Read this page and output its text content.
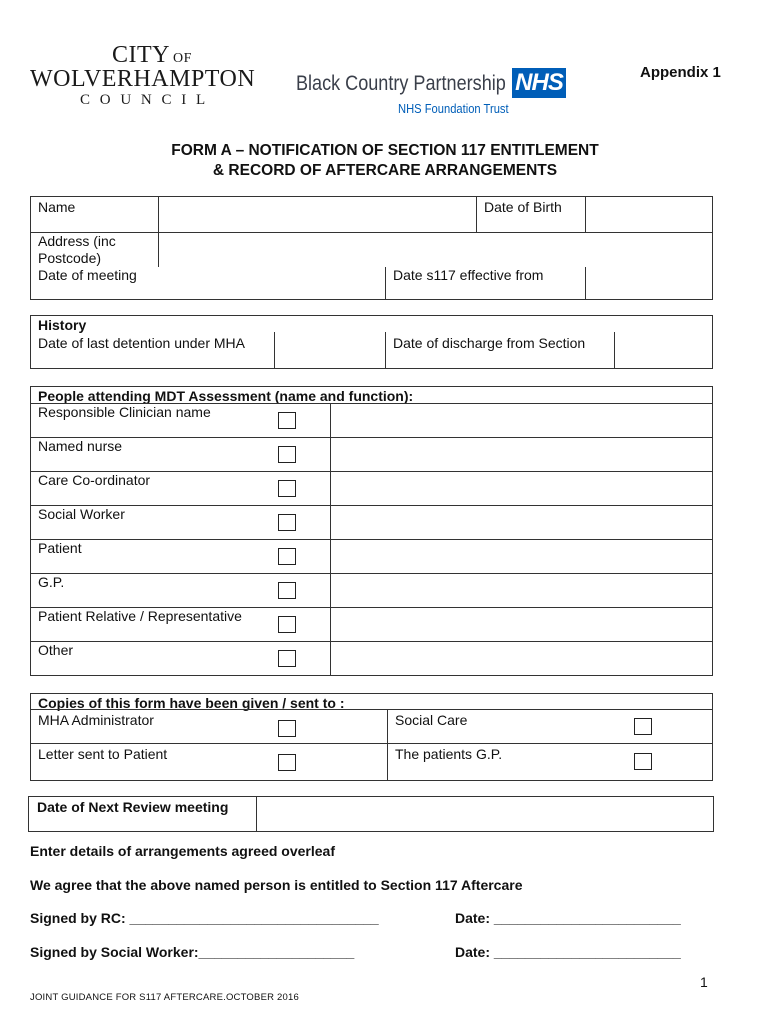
CITY $^{OF}$
WOLVERHAMPTON
C O U N C I L
Black Country Partnership NHS
NHS Foundation Trust
Appendix 1
FORM A – NOTIFICATION OF SECTION 117 ENTITLEMENT
& RECORD OF AFTERCARE ARRANGEMENTS
Name	Date of Birth
Address (inc
Postcode)
Date of meeting	Date s117 effective from
History
Date of last detention under MHA	Date of discharge from Section
People attending MDT Assessment (name and function):
Responsible Clinician name
Named nurse
Care Co-ordinator
Social Worker
Patient
G.P.
Patient Relative / Representative
Other
Copies of this form have been given / sent to :
MHA Administrator	Social Care
Letter sent to Patient	The patients G.P.
Date of Next Review meeting
Enter details of arrangements agreed overleaf
We agree that the above named person is entitled to Section 117 Aftercare
Signed by RC: ________________________________	Date: ________________________
Signed by Social Worker:____________________	Date: ________________________
1
JOINT GUIDANCE FOR S117 AFTERCARE.OCTOBER 2016
